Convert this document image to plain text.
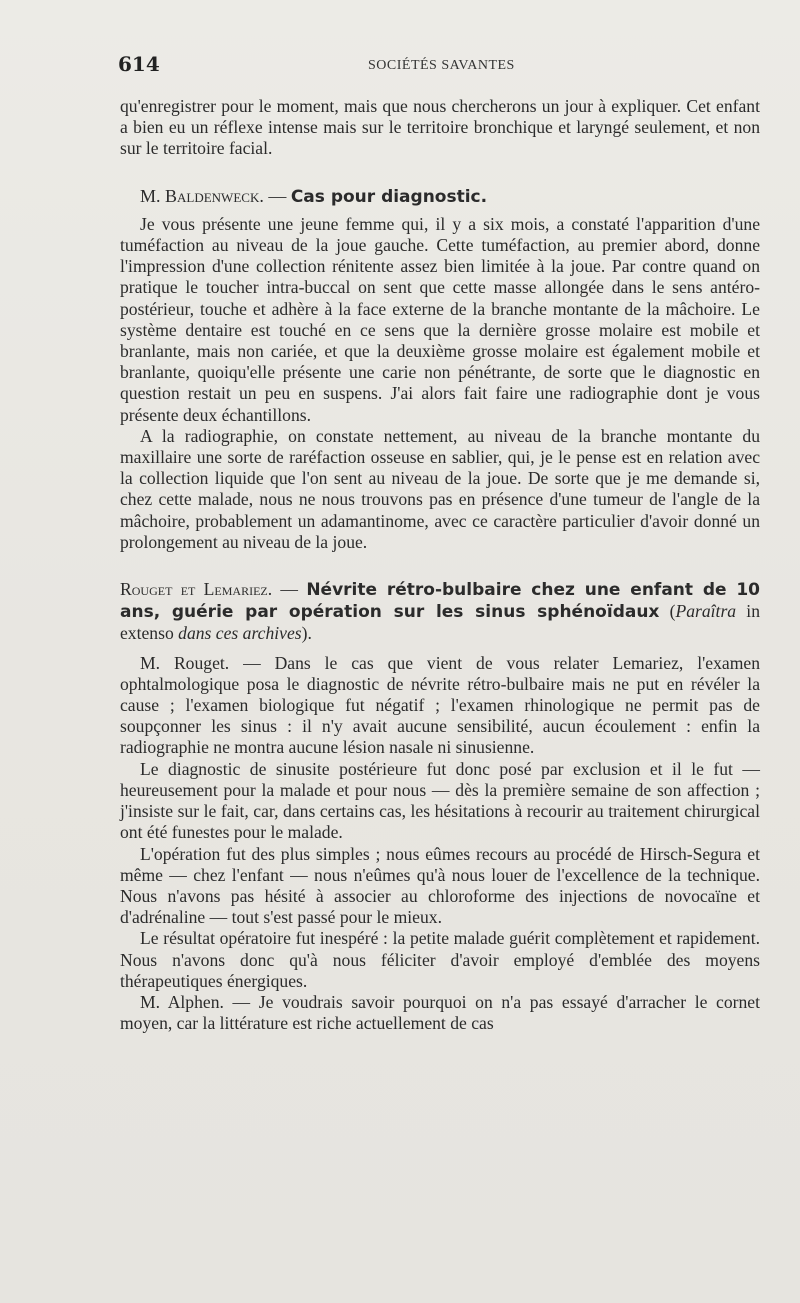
614	SOCIÉTÉS SAVANTES

qu'enregistrer pour le moment, mais que nous chercherons un jour à expliquer. Cet enfant a bien eu un réflexe intense mais sur le territoire bronchique et laryngé seulement, et non sur le territoire facial.

M. Baldenweck. — Cas pour diagnostic.

Je vous présente une jeune femme qui, il y a six mois, a constaté l'apparition d'une tuméfaction au niveau de la joue gauche. Cette tuméfaction, au premier abord, donne l'impression d'une collection rénitente assez bien limitée à la joue. Par contre quand on pratique le toucher intra-buccal on sent que cette masse allongée dans le sens antéro-postérieur, touche et adhère à la face externe de la branche montante de la mâchoire. Le système dentaire est touché en ce sens que la dernière grosse molaire est mobile et branlante, mais non cariée, et que la deuxième grosse molaire est également mobile et branlante, quoiqu'elle présente une carie non pénétrante, de sorte que le diagnostic en question restait un peu en suspens. J'ai alors fait faire une radiographie dont je vous présente deux échantillons.

A la radiographie, on constate nettement, au niveau de la branche montante du maxillaire une sorte de raréfaction osseuse en sablier, qui, je le pense est en relation avec la collection liquide que l'on sent au niveau de la joue. De sorte que je me demande si, chez cette malade, nous ne nous trouvons pas en présence d'une tumeur de l'angle de la mâchoire, probablement un adamantinome, avec ce caractère particulier d'avoir donné un prolongement au niveau de la joue.

Rouget et Lemariez. — Névrite rétro-bulbaire chez une enfant de 10 ans, guérie par opération sur les sinus sphénoïdaux (Paraîtra in extenso dans ces archives).

M. Rouget. — Dans le cas que vient de vous relater Lemariez, l'examen ophtalmologique posa le diagnostic de névrite rétro-bulbaire mais ne put en révéler la cause ; l'examen biologique fut négatif ; l'examen rhinologique ne permit pas de soupçonner les sinus : il n'y avait aucune sensibilité, aucun écoulement : enfin la radiographie ne montra aucune lésion nasale ni sinusienne.

Le diagnostic de sinusite postérieure fut donc posé par exclusion et il le fut — heureusement pour la malade et pour nous — dès la première semaine de son affection ; j'insiste sur le fait, car, dans certains cas, les hésitations à recourir au traitement chirurgical ont été funestes pour le malade.

L'opération fut des plus simples ; nous eûmes recours au procédé de Hirsch-Segura et même — chez l'enfant — nous n'eûmes qu'à nous louer de l'excellence de la technique. Nous n'avons pas hésité à associer au chloroforme des injections de novocaïne et d'adrénaline — tout s'est passé pour le mieux.

Le résultat opératoire fut inespéré : la petite malade guérit complètement et rapidement. Nous n'avons donc qu'à nous féliciter d'avoir employé d'emblée des moyens thérapeutiques énergiques.

M. Alphen. — Je voudrais savoir pourquoi on n'a pas essayé d'arracher le cornet moyen, car la littérature est riche actuellement de cas
